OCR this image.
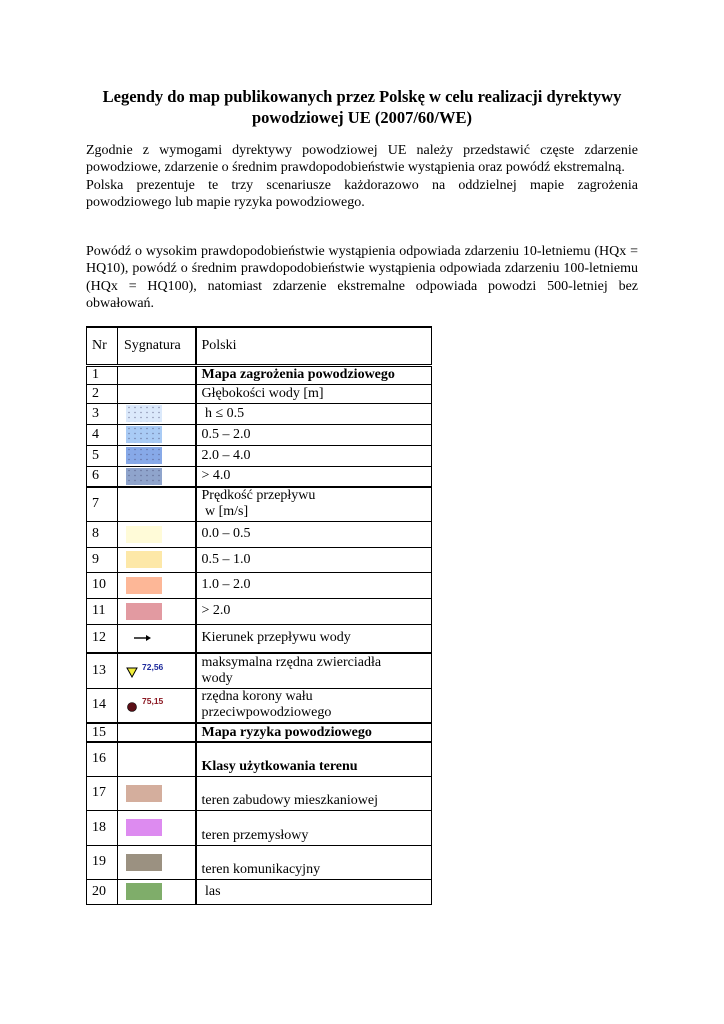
Legendy do map publikowanych przez Polskę w celu realizacji dyrektywy powodziowej UE (2007/60/WE)

Zgodnie z wymogami dyrektywy powodziowej UE należy przedstawić częste zdarzenie powodziowe, zdarzenie o średnim prawdopodobieństwie wystąpienia oraz powódź ekstremalną.

Polska prezentuje te trzy scenariusze każdorazowo na oddzielnej mapie zagrożenia powodziowego lub mapie ryzyka powodziowego.

Powódź o wysokim prawdopodobieństwie wystąpienia odpowiada zdarzeniu 10-letniemu (HQx = HQ10), powódź o średnim prawdopodobieństwie wystąpienia odpowiada zdarzeniu 100-letniemu (HQx = HQ100), natomiast zdarzenie ekstremalne odpowiada powodzi 500-letniej bez obwałowań.

Nr	Sygnatura	Polski
1		Mapa zagrożenia powodziowego
2		Głębokości wody [m]
3		h ≤ 0.5
4		0.5 – 2.0
5		2.0 – 4.0
6		> 4.0
7		Prędkość przepływu
w [m/s]

8		0.0 – 0.5
9		0.5 – 1.0
10		1.0 – 2.0
11		> 2.0
12		Kierunek przepływu wody
13	72,56	maksymalna rzędna zwierciadła
wody

14	75,15	rzędna korony wału
przeciwpowodziowego

15		Mapa ryzyka powodziowego
16		Klasy użytkowania terenu
17		teren zabudowy mieszkaniowej
18		teren przemysłowy
19		teren komunikacyjny
20		las
